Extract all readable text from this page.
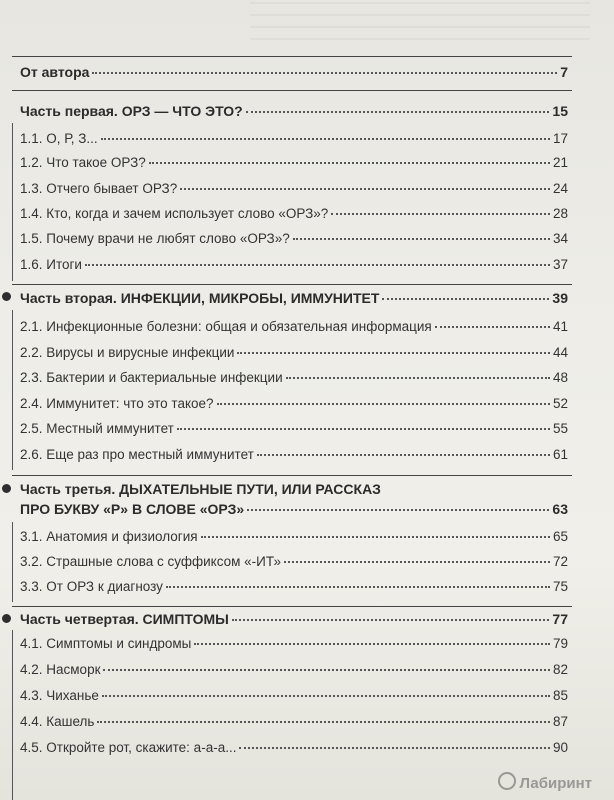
От автора	7
Часть первая. ОРЗ — ЧТО ЭТО?	15
1.1. О, Р, З...	17
1.2. Что такое ОРЗ?	21
1.3. Отчего бывает ОРЗ?	24
1.4. Кто, когда и зачем использует слово «ОРЗ»?	28
1.5. Почему врачи не любят слово «ОРЗ»?	34
1.6. Итоги	37
Часть вторая. ИНФЕКЦИИ, МИКРОБЫ, ИММУНИТЕТ	39
2.1. Инфекционные болезни: общая и обязательная информация	41
2.2. Вирусы и вирусные инфекции	44
2.3. Бактерии и бактериальные инфекции	48
2.4. Иммунитет: что это такое?	52
2.5. Местный иммунитет	55
2.6. Еще раз про местный иммунитет	61
Часть третья. ДЫХАТЕЛЬНЫЕ ПУТИ, ИЛИ РАССКАЗ
ПРО БУКВУ «Р» В СЛОВЕ «ОРЗ»	63
3.1. Анатомия и физиология	65
3.2. Страшные слова с суффиксом «-ИТ»	72
3.3. От ОРЗ к диагнозу	75
Часть четвертая. СИМПТОМЫ	77
4.1. Симптомы и синдромы	79
4.2. Насморк	82
4.3. Чиханье	85
4.4. Кашель	87
4.5. Откройте рот, скажите: а-а-а...	90
Лабиринт
